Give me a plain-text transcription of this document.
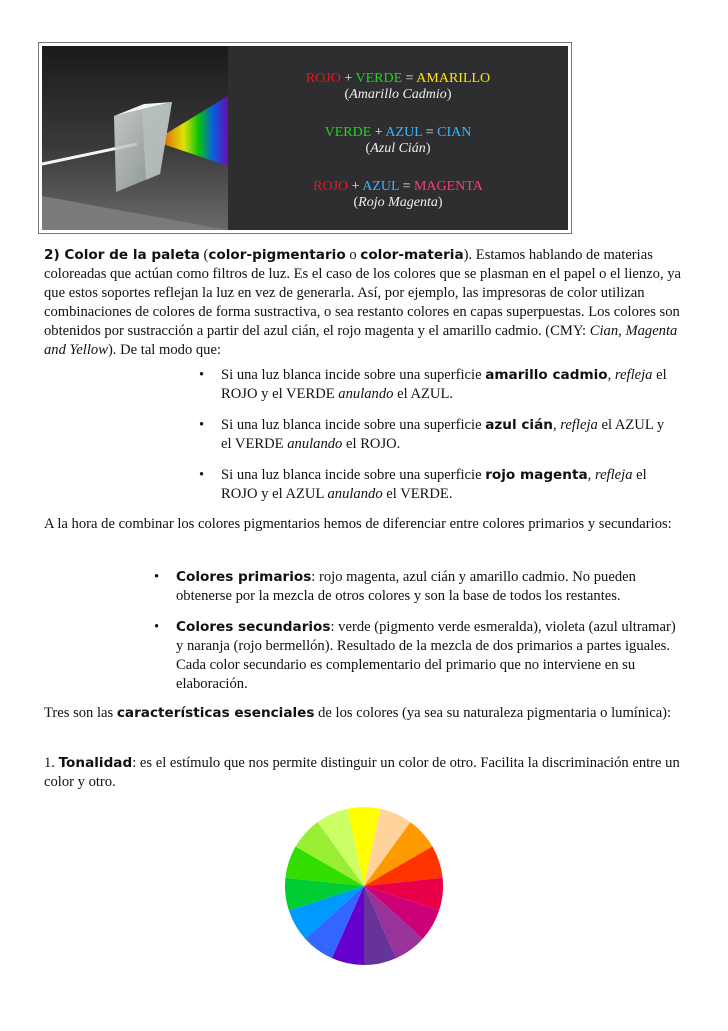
ROJO + VERDE = AMARILLO
(Amarillo Cadmio)
VERDE + AZUL = CIAN
(Azul Cián)
ROJO + AZUL = MAGENTA
(Rojo Magenta)
2) Color de la paleta (color-pigmentario o color-materia). Estamos hablando de materias coloreadas que actúan como filtros de luz. Es el caso de los colores que se plasman en el papel o el lienzo, ya que estos soportes reflejan la luz en vez de generarla. Así, por ejemplo, las impresoras de color utilizan combinaciones de colores de forma sustractiva, o sea restanto colores en capas superpuestas. Los colores son obtenidos por sustracción a partir del azul cián, el rojo magenta y el amarillo cadmio. (CMY: Cian, Magenta and Yellow). De tal modo que:
• Si una luz blanca incide sobre una superficie amarillo cadmio, refleja el ROJO y el VERDE anulando el AZUL.
• Si una luz blanca incide sobre una superficie azul cián, refleja el AZUL y el VERDE anulando el ROJO.
• Si una luz blanca incide sobre una superficie rojo magenta, refleja el ROJO y el AZUL anulando el VERDE.
A la hora de combinar los colores pigmentarios hemos de diferenciar entre colores primarios y secundarios:
• Colores primarios: rojo magenta, azul cián y amarillo cadmio. No pueden obtenerse por la mezcla de otros colores y son la base de todos los restantes.
• Colores secundarios: verde (pigmento verde esmeralda), violeta (azul ultramar) y naranja (rojo bermellón). Resultado de la mezcla de dos primarios a partes iguales. Cada color secundario es complementario del primario que no interviene en su elaboración.
Tres son las características esenciales de los colores (ya sea su naturaleza pigmentaria o lumínica):
1. Tonalidad: es el estímulo que nos permite distinguir un color de otro. Facilita la discriminación entre un color y otro.
